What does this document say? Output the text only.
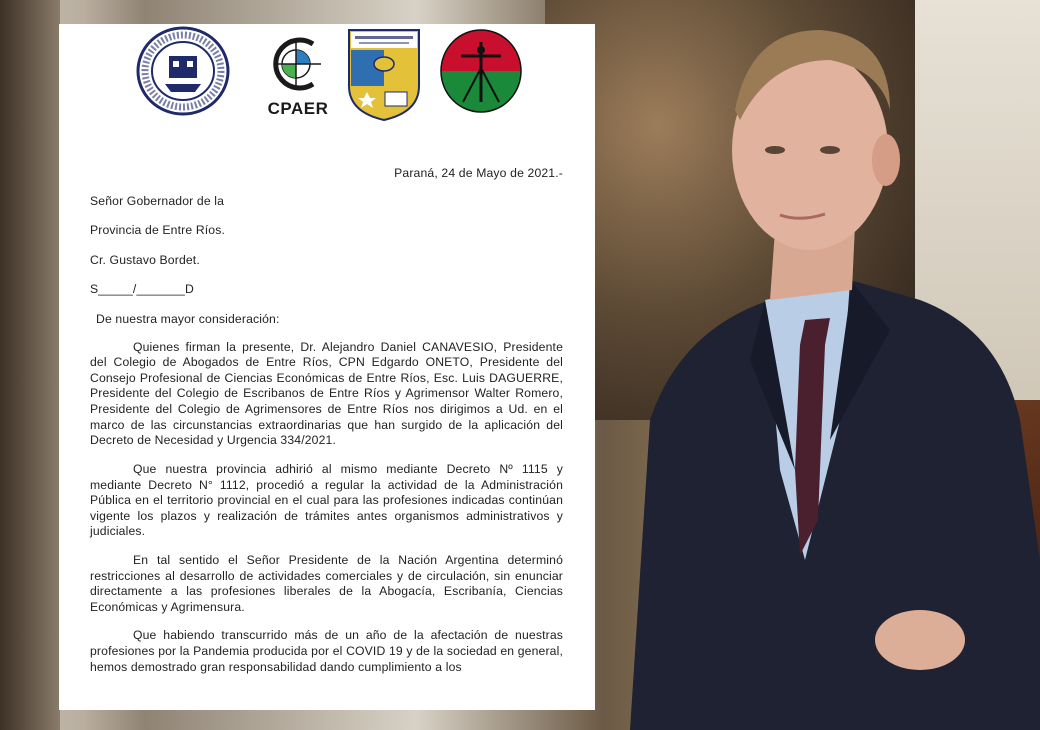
CPAER

Paraná, 24 de Mayo de 2021.-

Señor Gobernador de la

Provincia de Entre Ríos.

Cr. Gustavo Bordet.

S_____/_______D

De nuestra mayor consideración:

Quienes firman la presente, Dr. Alejandro Daniel CANAVESIO, Presidente del Colegio de Abogados de Entre Ríos, CPN Edgardo ONETO, Presidente del Consejo Profesional de Ciencias Económicas de Entre Ríos, Esc. Luis DAGUERRE, Presidente del Colegio de Escribanos de Entre Ríos y Agrimensor Walter Romero, Presidente del Colegio de Agrimensores de Entre Ríos nos dirigimos a Ud. en el marco de las circunstancias extraordinarias que han surgido de la aplicación del Decreto de Necesidad y Urgencia 334/2021.

Que nuestra provincia adhirió al mismo mediante Decreto Nº 1115 y mediante Decreto N° 1112, procedió a regular la actividad de la Administración Pública en el territorio provincial en el cual para las profesiones indicadas continúan vigente los plazos y realización de trámites antes organismos administrativos y judiciales.

En tal sentido el Señor Presidente de la Nación Argentina determinó restricciones al desarrollo de actividades comerciales y de circulación, sin enunciar directamente a las profesiones liberales de la Abogacía, Escribanía, Ciencias Económicas y Agrimensura.

Que habiendo transcurrido más de un año de la afectación de nuestras profesiones por la Pandemia producida por el COVID 19 y de la sociedad en general, hemos demostrado gran responsabilidad dando cumplimiento a los
